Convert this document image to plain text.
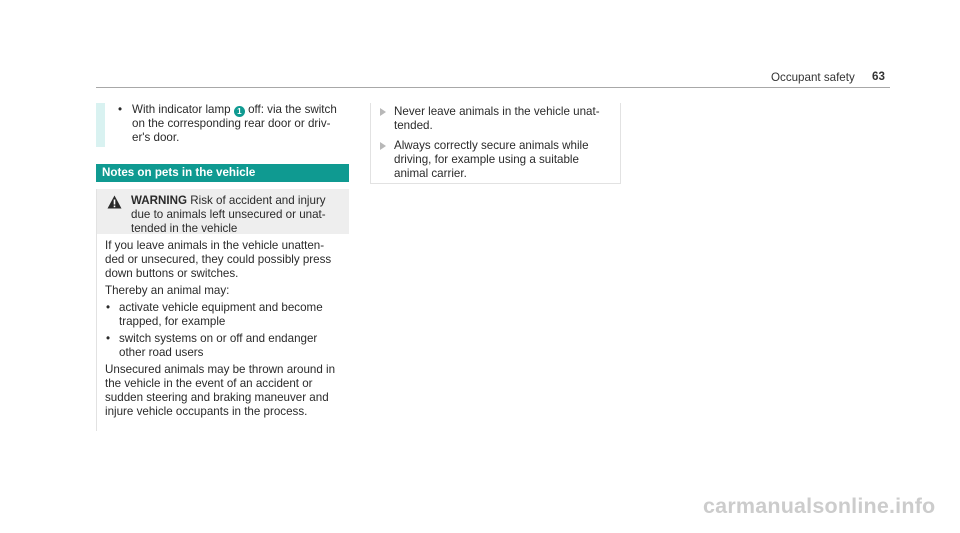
Occupant safety 63
• With indicator lamp 1 off: via the switch
on the corresponding rear door or driv-
er's door.
Notes on pets in the vehicle
WARNING Risk of accident and injury
due to animals left unsecured or unat-
tended in the vehicle

If you leave animals in the vehicle unatten-
ded or unsecured, they could possibly press
down buttons or switches.

Thereby an animal may:

• activate vehicle equipment and become
trapped, for example
• switch systems on or off and endanger
other road users

Unsecured animals may be thrown around in
the vehicle in the event of an accident or
sudden steering and braking maneuver and
injure vehicle occupants in the process.

Never leave animals in the vehicle unat-
tended.
Always correctly secure animals while
driving, for example using a suitable
animal carrier.
carmanualsonline.info
